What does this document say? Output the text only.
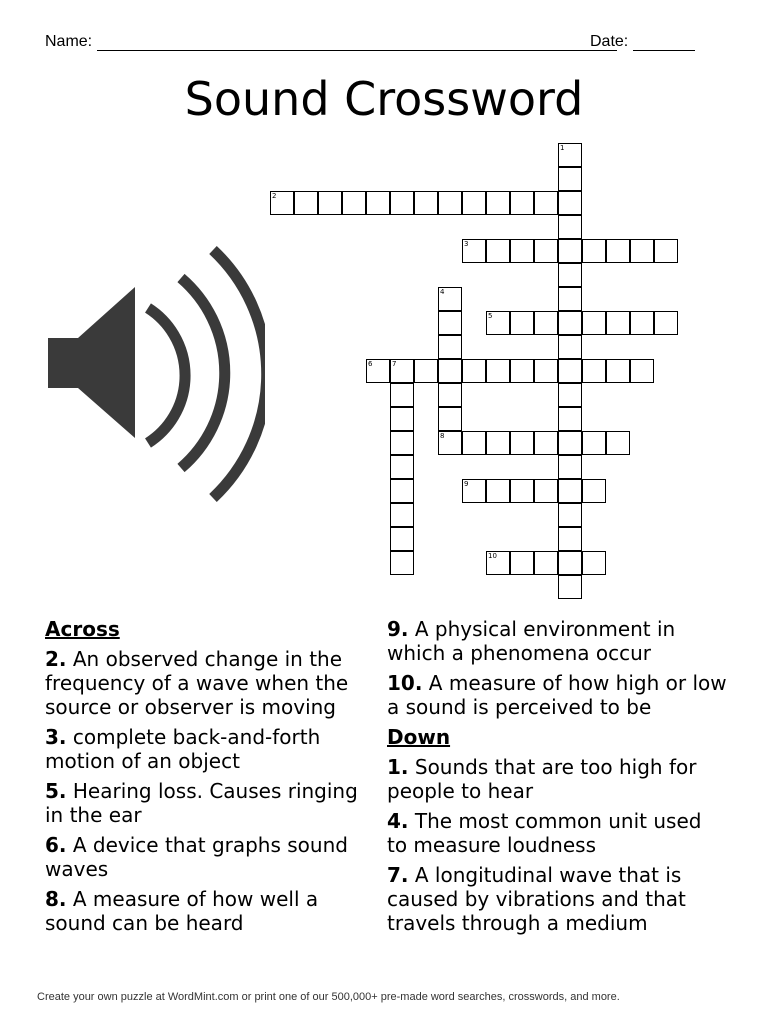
Name:	Date:
Sound Crossword
1
2
3
4
8
5
6	7
9
10
Across
2. An observed change in the frequency of a wave when the source or observer is moving
3. complete back-and-forth motion of an object
5. Hearing loss. Causes ringing in the ear
6. A device that graphs sound waves
8. A measure of how well a sound can be heard
9. A physical environment in which a phenomena occur
10. A measure of how high or low a sound is perceived to be
Down
1. Sounds that are too high for people to hear
4. The most common unit used to measure loudness
7. A longitudinal wave that is caused by vibrations and that travels through a medium
Create your own puzzle at WordMint.com or print one of our 500,000+ pre-made word searches, crosswords, and more.
